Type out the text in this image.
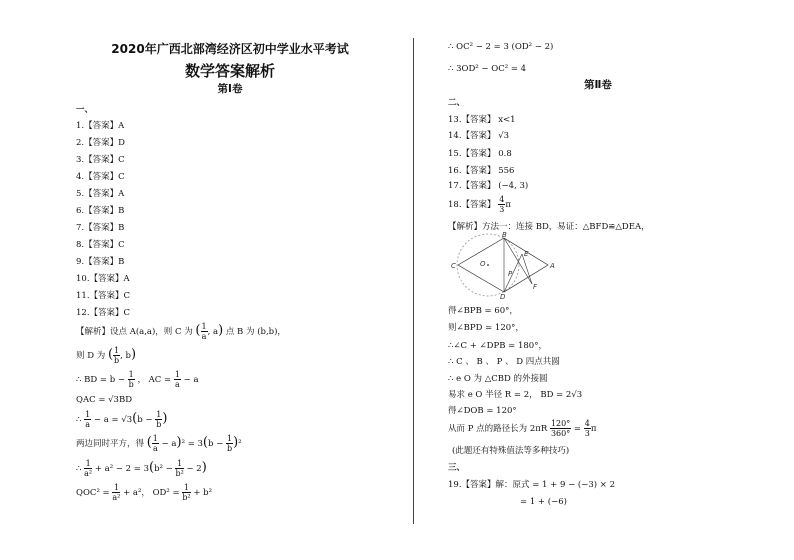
2020年广西北部湾经济区初中学业水平考试
数学答案解析
第Ⅰ卷
一、
1.【答案】A
2.【答案】D
3.【答案】C
4.【答案】C
5.【答案】A
6.【答案】B
7.【答案】B
8.【答案】C
9.【答案】B
10.【答案】A
11.【答案】C
12.【答案】C
【解析】设点 A(a,a)，则 C 为 ( $\frac{1}{a}$ , a) 点 B 为 (b,b)，
则 D 为 ( $\frac{1}{b}$ , b)
∴ BD = $b - \frac{1}{b}$ ， AC = $\frac{1}{a} - a$
QAC = √3BD
∴ $\frac{1}{a} - a = √3(b - \frac{1}{b}$ )
两边同时平方，得 ( $\frac{1}{a} - a)^2 = 3(b - \frac{1}{b} )^2$
∴ $\frac{1}{\text{a²}} + a^2 - 2 = 3(b^2 - \frac{1}{\text{b²}} - 2)$
$QOC^2 = \frac{1}{\text{a²}} + a^2$， $OD^2 = \frac{1}{\text{b²}} + b^2$
∴ OC² − 2 = 3 (OD² − 2)
∴ 3OD² − OC² = 4
第Ⅱ卷
二、
13.【答案】 x<1
14.【答案】 √3
15.【答案】 0.8
16.【答案】 556
17.【答案】 (−4, 3)
18.【答案】 $\frac{4}{3}$ π
【解析】方法一：连接 BD，易证：△BFD≌△DEA，
B
E
C	O
P
A
F
D
得∠BPB = 60°，
则∠BPD = 120°，
∴∠C + ∠DPB = 180°，
∴ C 、 B 、 P 、 D 四点共圆
∴ e O 为 △CBD 的外接圆
易求 e O 半径 R = 2， BD = 2√3
得∠DOB = 120°
从而 P 点的路径长为 $2\pi R \frac{120^\circ}{360^\circ} = \frac{4}{3}$ π
(此题还有特殊值法等多种技巧)
三、
19.【答案】解：原式 = 1 + 9 − (−3) × 2
= 1 + (−6)
